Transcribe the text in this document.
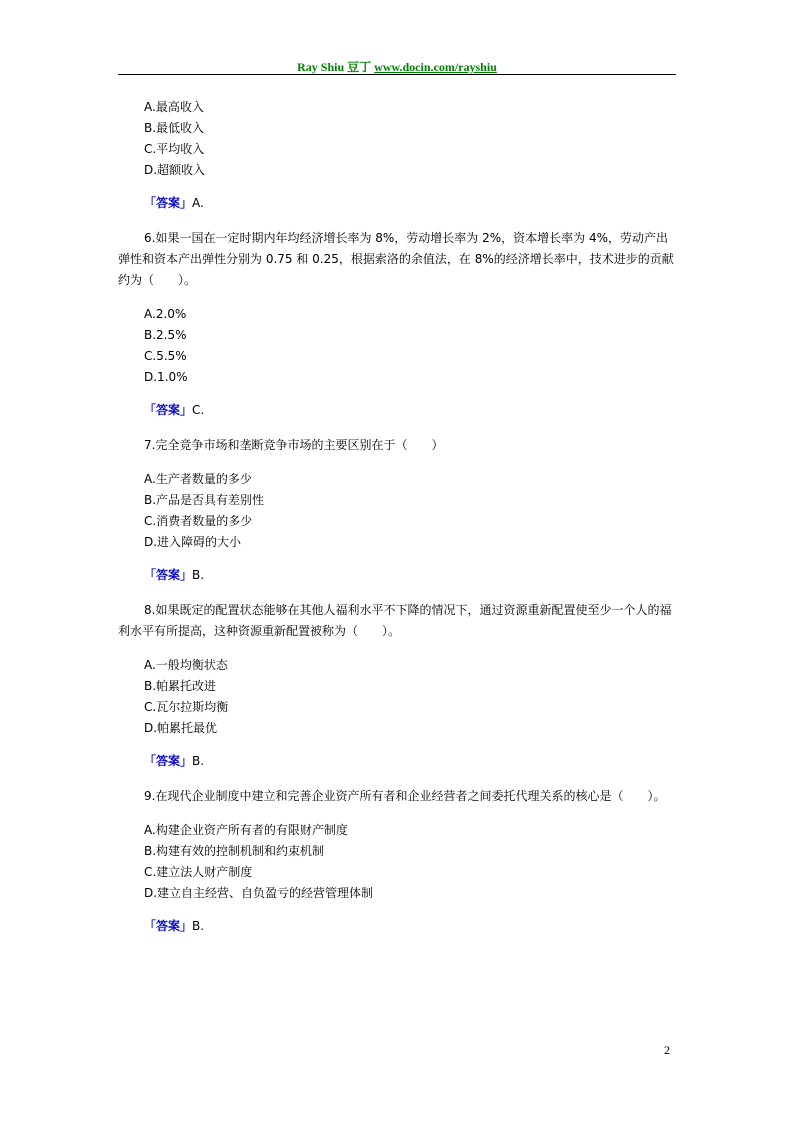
Ray Shiu 豆丁 www.docin.com/rayshiu
A.最高收入
B.最低收入
C.平均收入
D.超额收入
「答案」A.
6.如果一国在一定时期内年均经济增长率为 8%，劳动增长率为 2%，资本增长率为 4%，劳动产出弹性和资本产出弹性分别为 0.75 和 0.25，根据索洛的余值法，在 8%的经济增长率中，技术进步的贡献约为（　　）。
A.2.0%
B.2.5%
C.5.5%
D.1.0%
「答案」C.
7.完全竞争市场和垄断竞争市场的主要区别在于（　　）
A.生产者数量的多少
B.产品是否具有差别性
C.消费者数量的多少
D.进入障碍的大小
「答案」B.
8.如果既定的配置状态能够在其他人福利水平不下降的情况下，通过资源重新配置使至少一个人的福利水平有所提高，这种资源重新配置被称为（　　）。
A.一般均衡状态
B.帕累托改进
C.瓦尔拉斯均衡
D.帕累托最优
「答案」B.
9.在现代企业制度中建立和完善企业资产所有者和企业经营者之间委托代理关系的核心是（　　）。
A.构建企业资产所有者的有限财产制度
B.构建有效的控制机制和约束机制
C.建立法人财产制度
D.建立自主经营、自负盈亏的经营管理体制
「答案」B.
2
